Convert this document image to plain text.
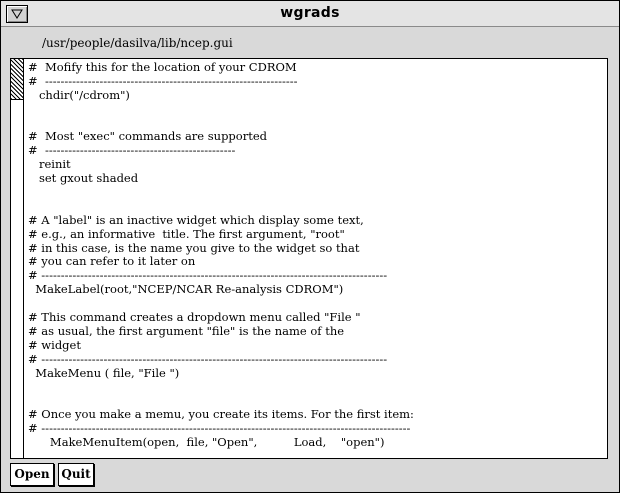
wgrads
/usr/people/dasilva/lib/ncep.gui
#  Mofify this for the location of your CDROM
#  -----------------------------------------------------------------
chdir("/cdrom")
#  Most "exec" commands are supported
#  -------------------------------------------------
reinit
set gxout shaded
# A "label" is an inactive widget which display some text,
# e.g., an informative  title. The first argument, "root"
# in this case, is the name you give to the widget so that
# you can refer to it later on
# -----------------------------------------------------------------------------------------
MakeLabel(root,"NCEP/NCAR Re-analysis CDROM")
# This command creates a dropdown menu called "File "
# as usual, the first argument "file" is the name of the
# widget
# -----------------------------------------------------------------------------------------
MakeMenu ( file, "File ")
# Once you make a memu, you create its items. For the first item:
# -----------------------------------------------------------------------------------------------
MakeMenuItem(open,  file, "Open",          Load,    "open")
Open Quit
